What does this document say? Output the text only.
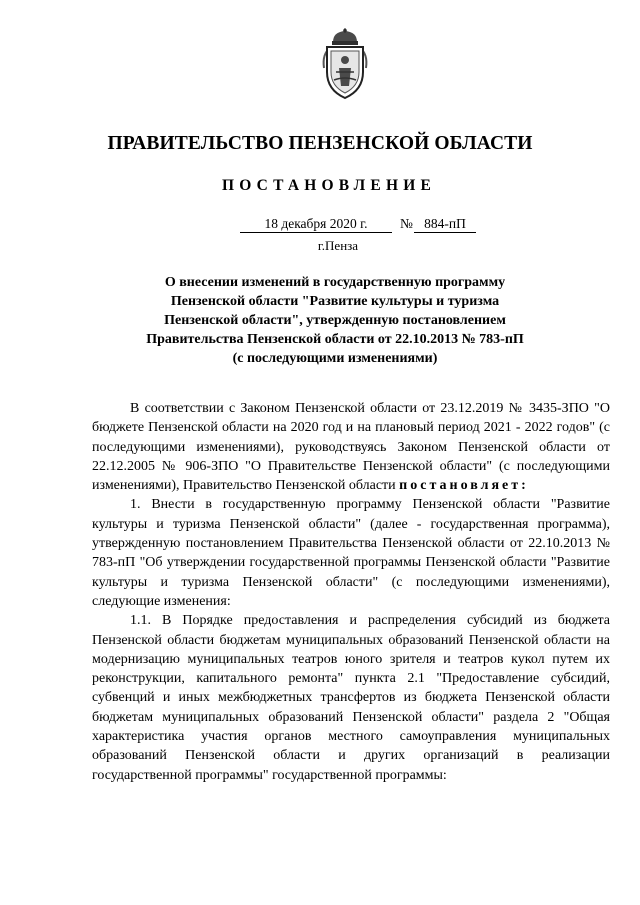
ПРАВИТЕЛЬСТВО ПЕНЗЕНСКОЙ ОБЛАСТИ
ПОСТАНОВЛЕНИЕ
18 декабря 2020 г.	№ 884-пП
г.Пенза
О внесении изменений в государственную программу
Пензенской области "Развитие культуры и туризма
Пензенской области", утвержденную постановлением
Правительства Пензенской области от 22.10.2013 № 783-пП
(с последующими изменениями)

В соответствии с Законом Пензенской области от 23.12.2019 № 3435-ЗПО "О бюджете Пензенской области на 2020 год и на плановый период 2021 - 2022 годов" (с последующими изменениями), руководствуясь Законом Пензенской области от 22.12.2005 № 906-ЗПО "О Правительстве Пензенской области" (с последующими изменениями), Правительство Пензенской области постановляет:

1. Внести в государственную программу Пензенской области "Развитие культуры и туризма Пензенской области" (далее - государственная программа), утвержденную постановлением Правительства Пензенской области от 22.10.2013 № 783-пП "Об утверждении государственной программы Пензенской области "Развитие культуры и туризма Пензенской области" (с последующими изменениями), следующие изменения:

1.1. В Порядке предоставления и распределения субсидий из бюджета Пензенской области бюджетам муниципальных образований Пензенской области на модернизацию муниципальных театров юного зрителя и театров кукол путем их реконструкции, капитального ремонта" пункта 2.1 "Предоставление субсидий, субвенций и иных межбюджетных трансфертов из бюджета Пензенской области бюджетам муниципальных образований Пензенской области" раздела 2 "Общая характеристика участия органов местного самоуправления муниципальных образований Пензенской области и других организаций в реализации государственной программы" государственной программы:
